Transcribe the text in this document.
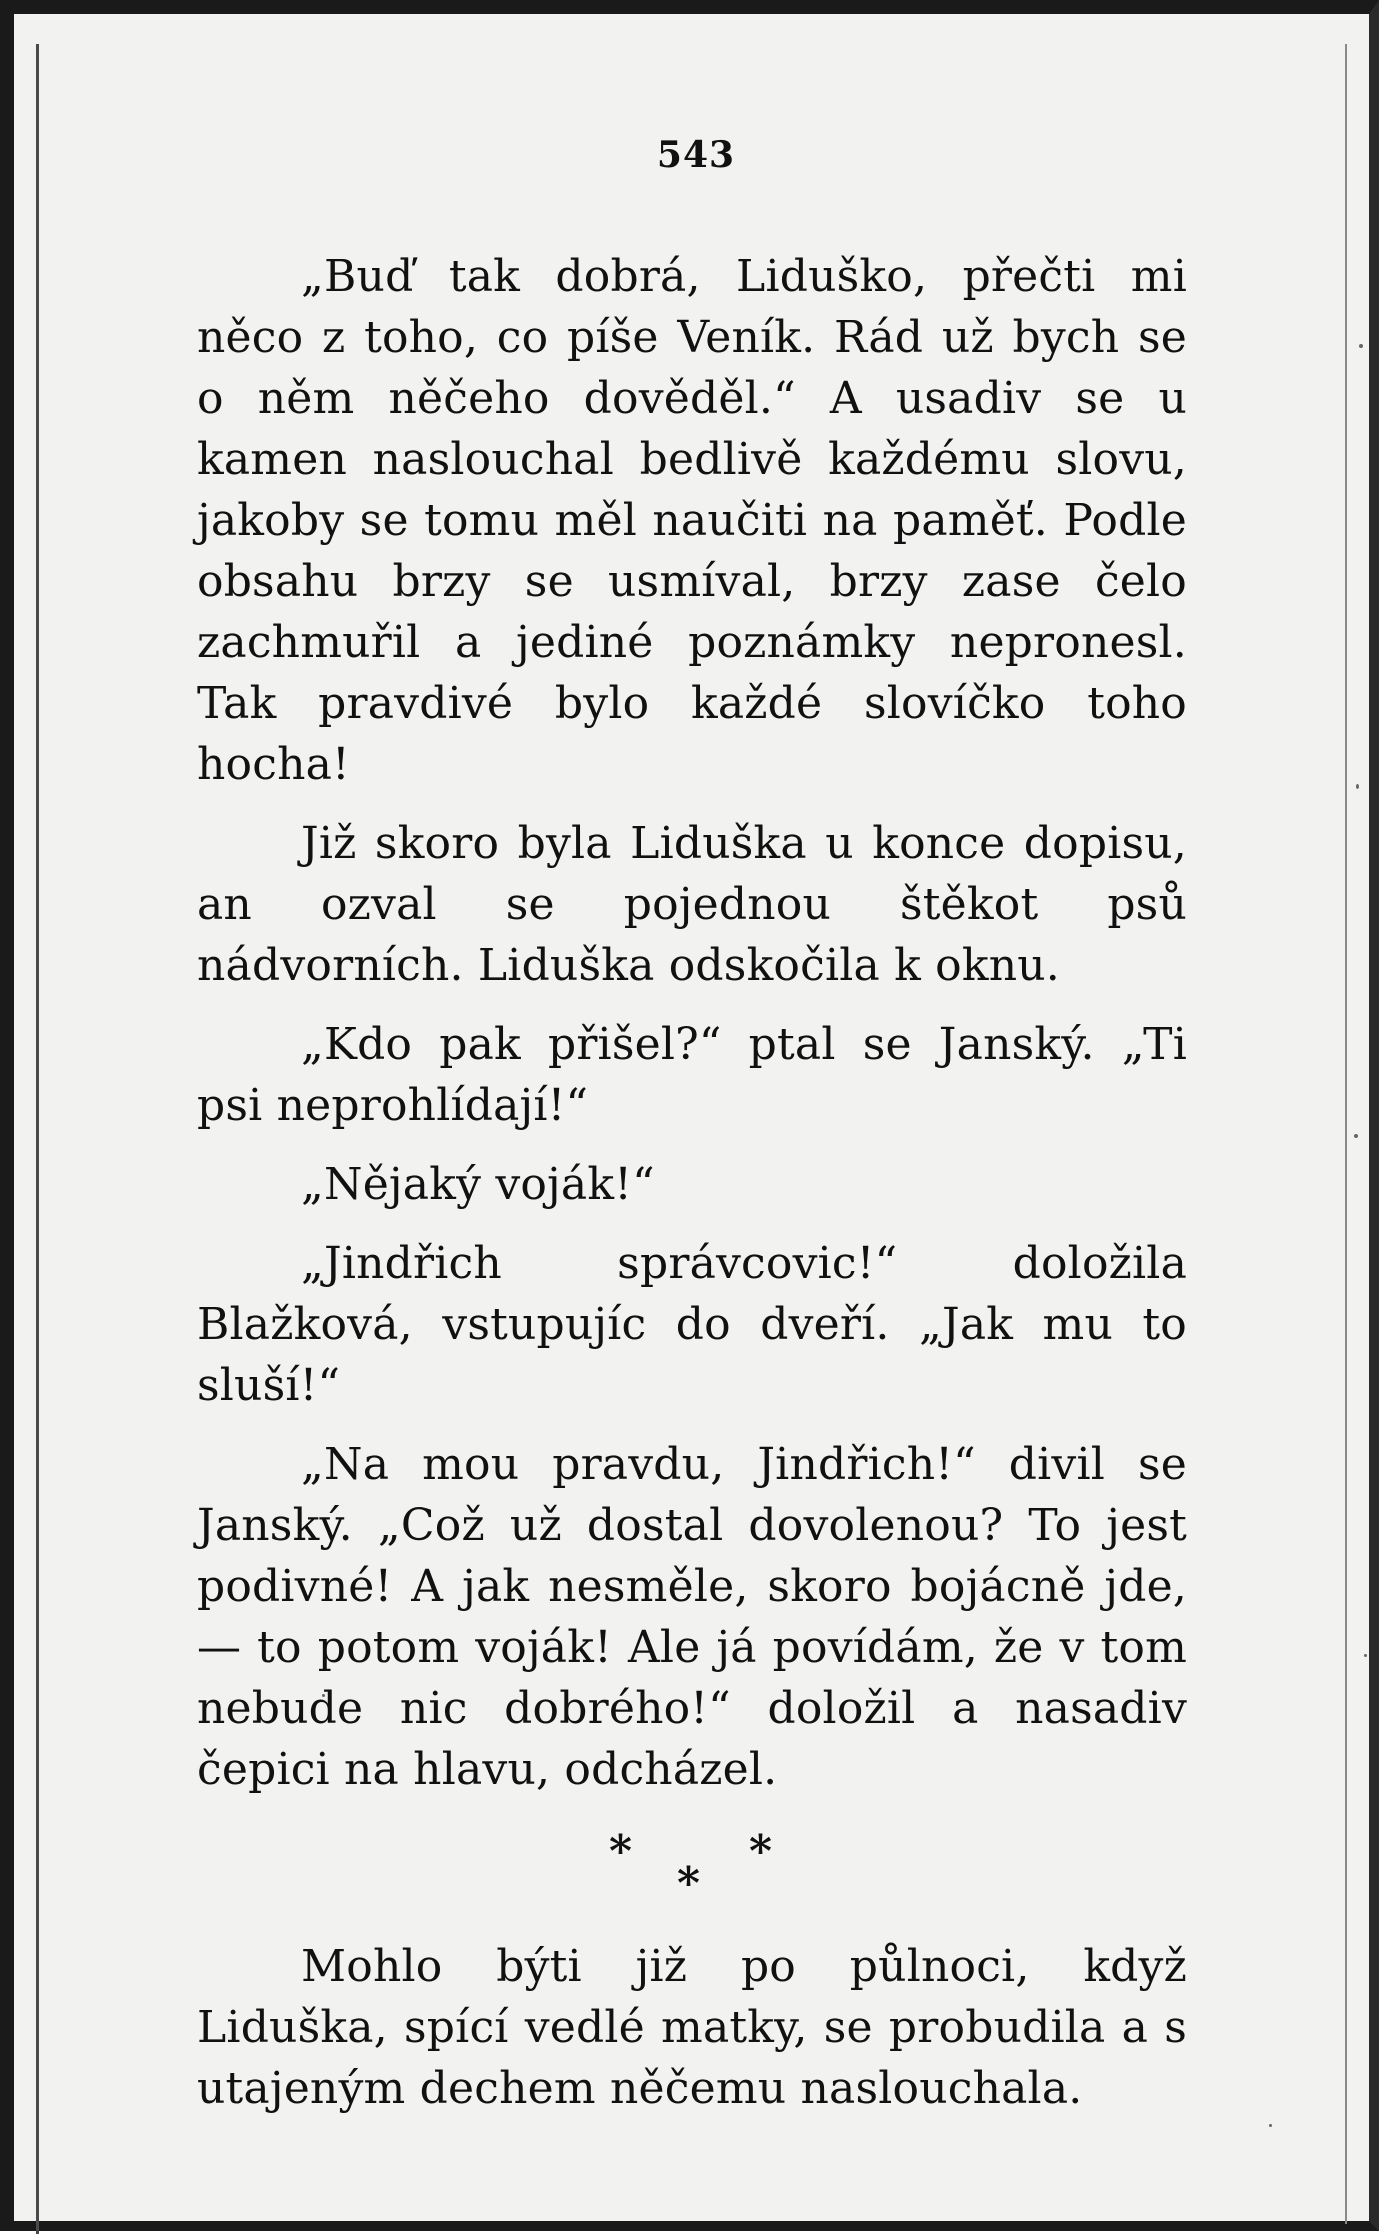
543

„Buď tak dobrá, Liduško, přečti mi něco z toho, co píše Veník. Rád už bych se o něm něčeho dověděl.“ A usadiv se u kamen naslouchal bedlivě každému slovu, jakoby se tomu měl naučiti na paměť. Podle obsahu brzy se usmíval, brzy zase čelo zachmuřil a jediné poznámky nepronesl. Tak pravdivé bylo každé slovíčko toho hocha!

Již skoro byla Liduška u konce dopisu, an ozval se pojednou štěkot psů nádvorních. Liduška odskočila k oknu.

„Kdo pak přišel?“ ptal se Janský. „Ti psi neprohlídají!“

„Nějaký voják!“

„Jindřich správcovic!“ doložila Blažková, vstupujíc do dveří. „Jak mu to sluší!“

„Na mou pravdu, Jindřich!“ divil se Janský. „Což už dostal dovolenou? To jest podivné! A jak nesměle, skoro bojácně jde, — to potom voják! Ale já povídám, že v tom nebude nic dobrého!“ doložil a nasadiv čepici na hlavu, odcházel.

*
*
*

Mohlo býti již po půlnoci, když Liduška, spící vedlé matky, se probudila a s utajeným dechem něčemu naslouchala.
